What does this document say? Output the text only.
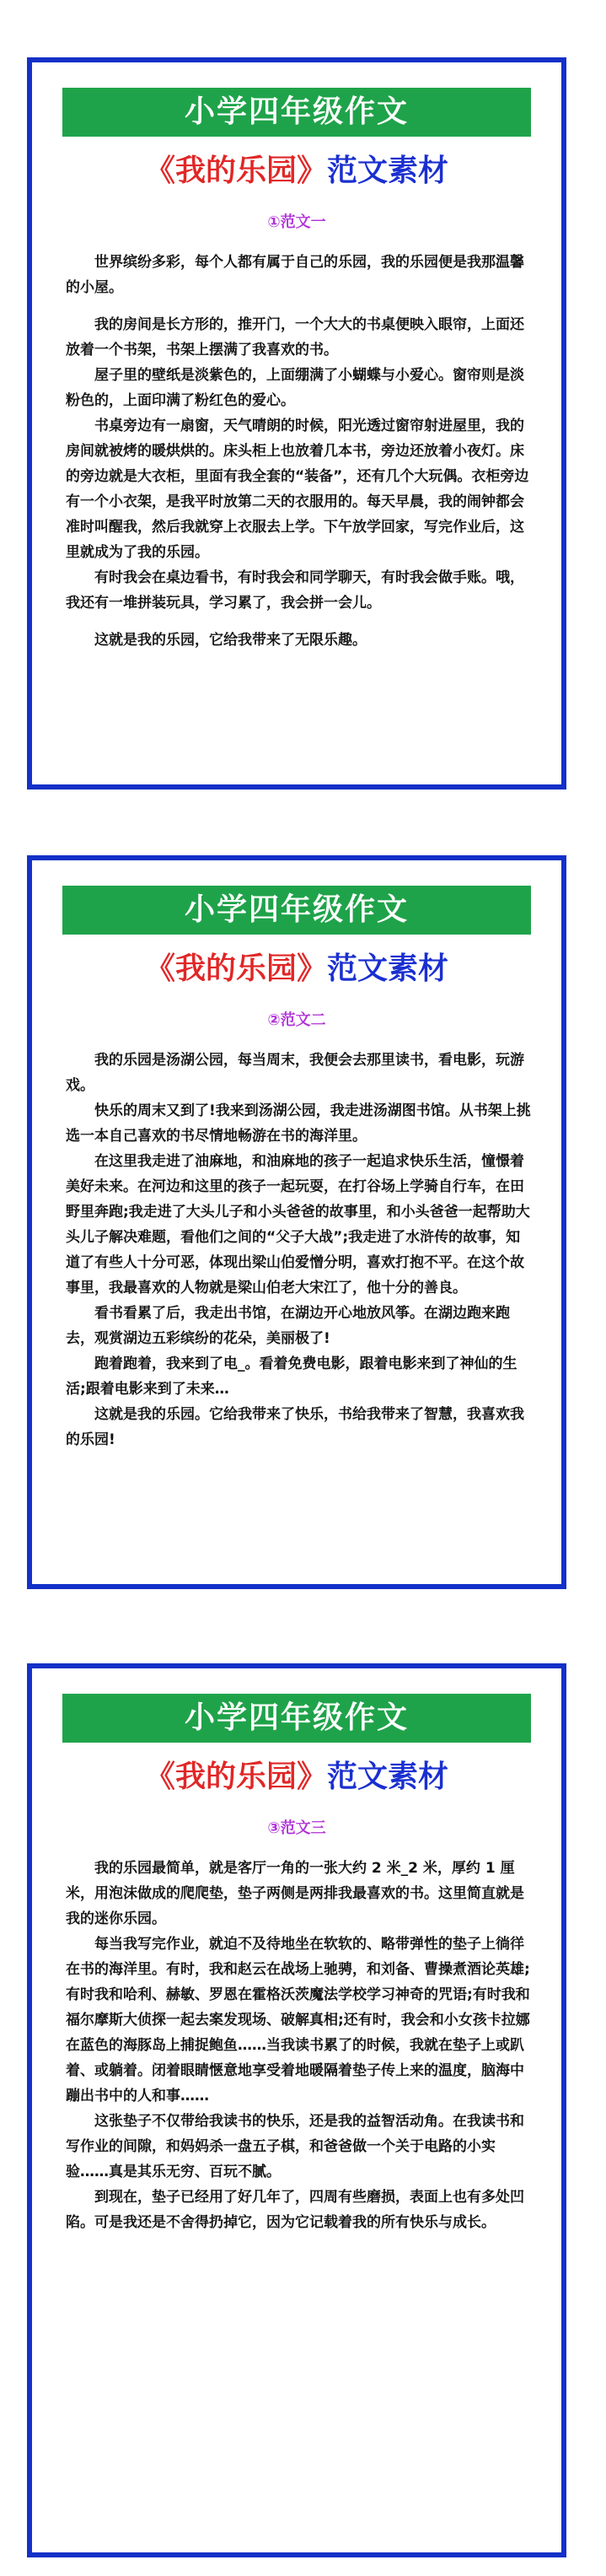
小学四年级作文
《我的乐园》范文素材
①范文一

世界缤纷多彩，每个人都有属于自己的乐园，我的乐园便是我那温馨的小屋。

我的房间是长方形的，推开门，一个大大的书桌便映入眼帘，上面还放着一个书架，书架上摆满了我喜欢的书。

屋子里的壁纸是淡紫色的，上面绷满了小蝴蝶与小爱心。窗帘则是淡粉色的，上面印满了粉红色的爱心。

书桌旁边有一扇窗，天气晴朗的时候，阳光透过窗帘射进屋里，我的房间就被烤的暖烘烘的。床头柜上也放着几本书，旁边还放着小夜灯。床的旁边就是大衣柜，里面有我全套的“装备”，还有几个大玩偶。衣柜旁边有一个小衣架，是我平时放第二天的衣服用的。每天早晨，我的闹钟都会准时叫醒我，然后我就穿上衣服去上学。下午放学回家，写完作业后，这里就成为了我的乐园。

有时我会在桌边看书，有时我会和同学聊天，有时我会做手账。哦，我还有一堆拼装玩具，学习累了，我会拼一会儿。

这就是我的乐园，它给我带来了无限乐趣。

小学四年级作文
《我的乐园》范文素材
②范文二

我的乐园是汤湖公园，每当周末，我便会去那里读书，看电影，玩游戏。

快乐的周末又到了!我来到汤湖公园，我走进汤湖图书馆。从书架上挑选一本自己喜欢的书尽情地畅游在书的海洋里。

在这里我走进了油麻地，和油麻地的孩子一起追求快乐生活，憧憬着美好未来。在河边和这里的孩子一起玩耍，在打谷场上学骑自行车，在田野里奔跑;我走进了大头儿子和小头爸爸的故事里，和小头爸爸一起帮助大头儿子解决难题，看他们之间的“父子大战”;我走进了水浒传的故事，知道了有些人十分可恶，体现出梁山伯爱憎分明，喜欢打抱不平。在这个故事里，我最喜欢的人物就是梁山伯老大宋江了，他十分的善良。

看书看累了后，我走出书馆，在湖边开心地放风筝。在湖边跑来跑去，观赏湖边五彩缤纷的花朵，美丽极了!

跑着跑着，我来到了电_。看着免费电影，跟着电影来到了神仙的生活;跟着电影来到了未来…

这就是我的乐园。它给我带来了快乐，书给我带来了智慧，我喜欢我的乐园!

小学四年级作文
《我的乐园》范文素材
③范文三

我的乐园最简单，就是客厅一角的一张大约 2 米_2 米，厚约 1 厘米，用泡沫做成的爬爬垫，垫子两侧是两排我最喜欢的书。这里简直就是我的迷你乐园。

每当我写完作业，就迫不及待地坐在软软的、略带弹性的垫子上徜徉在书的海洋里。有时，我和赵云在战场上驰骋，和刘备、曹操煮酒论英雄;有时我和哈利、赫敏、罗恩在霍格沃茨魔法学校学习神奇的咒语;有时我和福尔摩斯大侦探一起去案发现场、破解真相;还有时，我会和小女孩卡拉娜在蓝色的海豚岛上捕捉鲍鱼……当我读书累了的时候，我就在垫子上或趴着、或躺着。闭着眼睛惬意地享受着地暖隔着垫子传上来的温度，脑海中蹦出书中的人和事……

这张垫子不仅带给我读书的快乐，还是我的益智活动角。在我读书和写作业的间隙，和妈妈杀一盘五子棋，和爸爸做一个关于电路的小实验……真是其乐无穷、百玩不腻。

到现在，垫子已经用了好几年了，四周有些磨损，表面上也有多处凹陷。可是我还是不舍得扔掉它，因为它记载着我的所有快乐与成长。
